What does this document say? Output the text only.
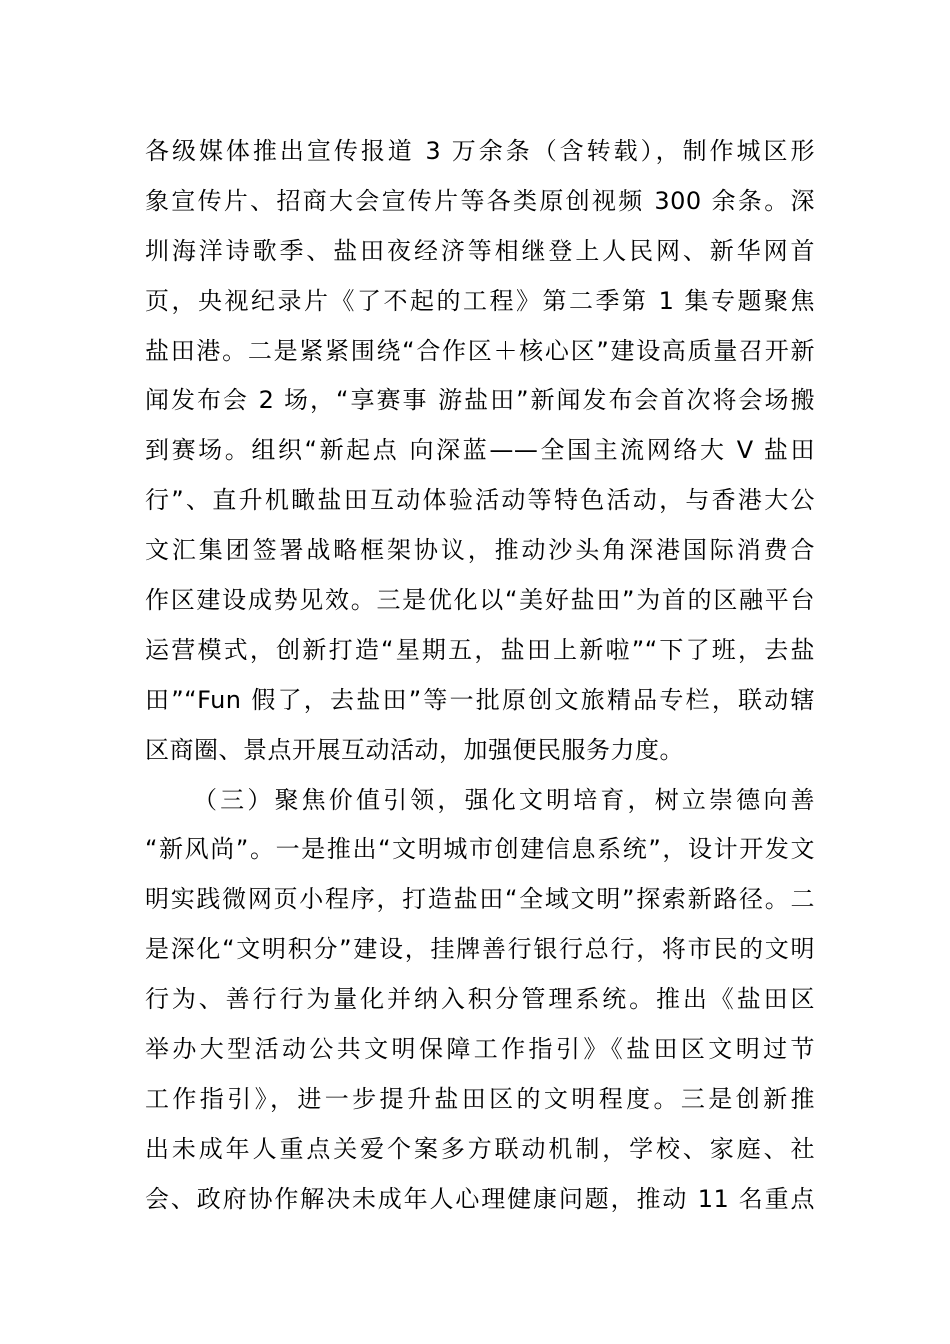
各级媒体推出宣传报道 3 万余条（含转载），制作城区形
象宣传片、招商大会宣传片等各类原创视频 300 余条。深
圳海洋诗歌季、盐田夜经济等相继登上人民网、新华网首
页，央视纪录片《了不起的工程》第二季第 1 集专题聚焦
盐田港。二是紧紧围绕“合作区＋核心区”建设高质量召开新
闻发布会 2 场，“享赛事 游盐田”新闻发布会首次将会场搬
到赛场。组织“新起点 向深蓝——全国主流网络大 V 盐田
行”、直升机瞰盐田互动体验活动等特色活动，与香港大公
文汇集团签署战略框架协议，推动沙头角深港国际消费合
作区建设成势见效。三是优化以“美好盐田”为首的区融平台
运营模式，创新打造“星期五，盐田上新啦”“下了班，去盐
田”“Fun 假了，去盐田”等一批原创文旅精品专栏，联动辖
区商圈、景点开展互动活动，加强便民服务力度。
（三）聚焦价值引领，强化文明培育，树立崇德向善
“新风尚”。一是推出“文明城市创建信息系统”，设计开发文
明实践微网页小程序，打造盐田“全域文明”探索新路径。二
是深化“文明积分”建设，挂牌善行银行总行，将市民的文明
行为、善行行为量化并纳入积分管理系统。推出《盐田区
举办大型活动公共文明保障工作指引》《盐田区文明过节
工作指引》，进一步提升盐田区的文明程度。三是创新推
出未成年人重点关爱个案多方联动机制，学校、家庭、社
会、政府协作解决未成年人心理健康问题，推动 11 名重点
